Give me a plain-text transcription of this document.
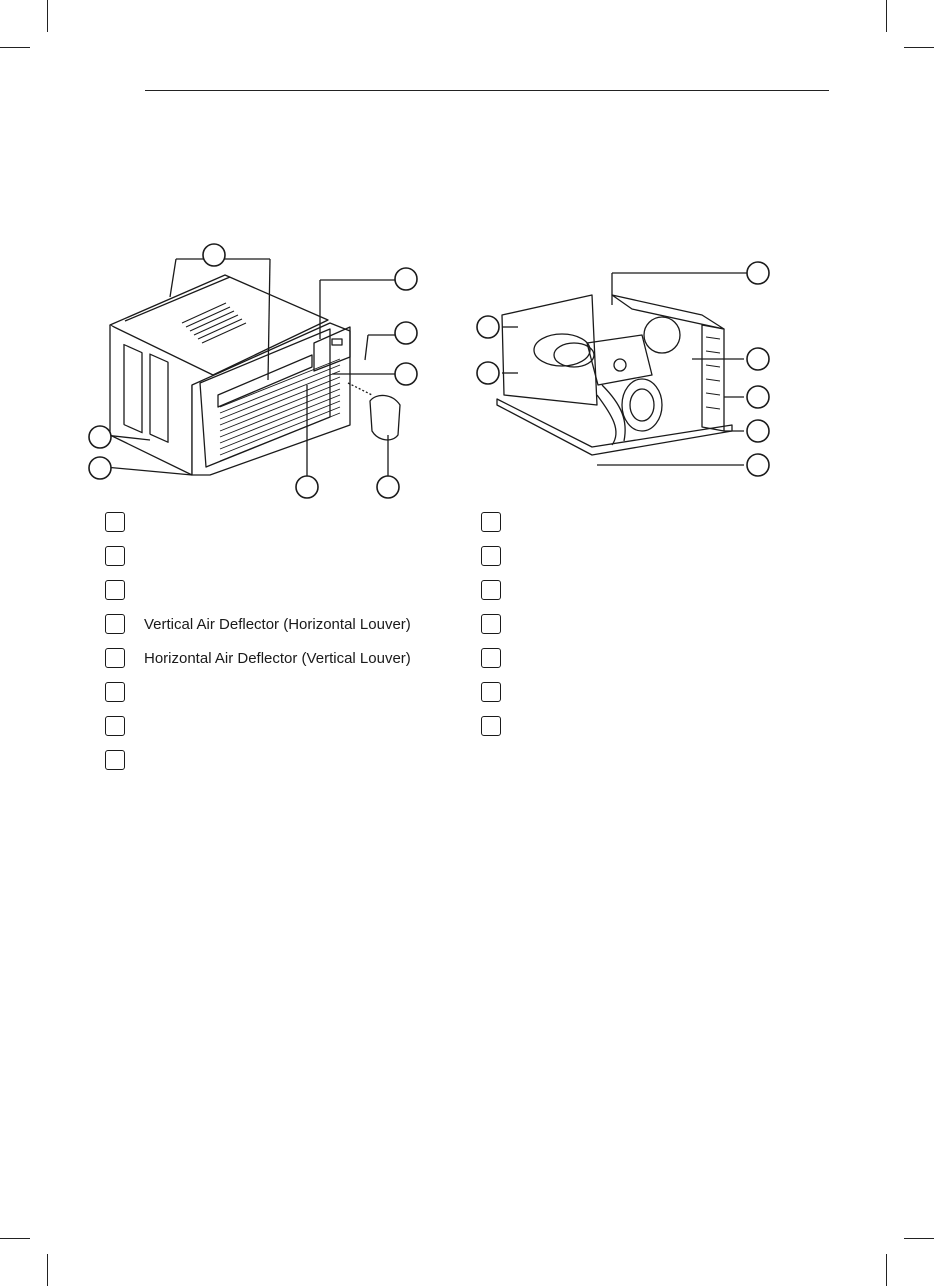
Vertical Air Deflector (Horizontal Louver)
Horizontal Air Deflector (Vertical Louver)
